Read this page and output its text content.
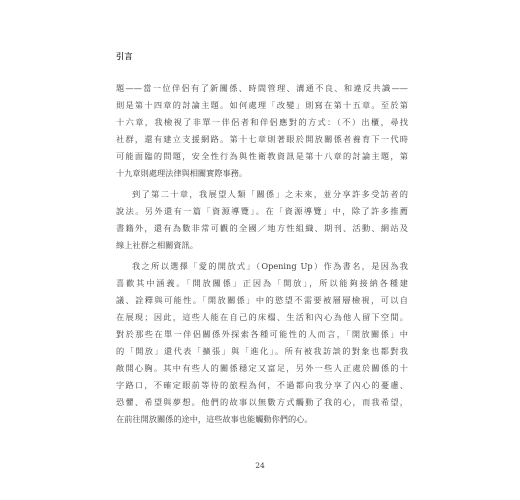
引言
題——當一位伴侶有了新關係、時間管理、溝通不良、和違反共識——
則是第十四章的討論主題。如何處理「改變」則寫在第十五章。至於第
十六章，我檢視了非單一伴侶者和伴侶應對的方式：（不）出櫃，尋找
社群，還有建立支援網路。第十七章則著眼於開放關係者養育下一代時
可能面臨的問題，安全性行為與性衛教資訊是第十八章的討論主題，第
十九章則處理法律與相關實際事務。
到了第二十章，我展望人類「關係」之未來，並分享許多受訪者的
說法。另外還有一篇「資源導覽」。在「資源導覽」中，除了許多推薦
書籍外，還有為數非常可觀的全國／地方性組織、期刊、活動、網站及
線上社群之相關資訊。
我之所以選擇「愛的開放式」（Opening Up）作為書名，是因為我
喜歡其中涵義。「開放關係」正因為「開放」，所以能夠接納各種建
議、詮釋與可能性。「開放關係」中的慾望不需要被層層檢視，可以自
在展現；因此，這些人能在自己的床榻、生活和內心為他人留下空間。
對於那些在單一伴侶關係外探索各種可能性的人而言，「開放關係」中
的「開放」還代表「擴張」與「進化」。所有被我訪談的對象也都對我
敞開心胸。其中有些人的關係穩定又富足，另外一些人正處於關係的十
字路口，不確定眼前等待的旅程為何，不過都向我分享了內心的憂慮、
恐懼、希望與夢想。他們的故事以無數方式觸動了我的心，而我希望，
在前往開放關係的途中，這些故事也能觸動你們的心。
24
